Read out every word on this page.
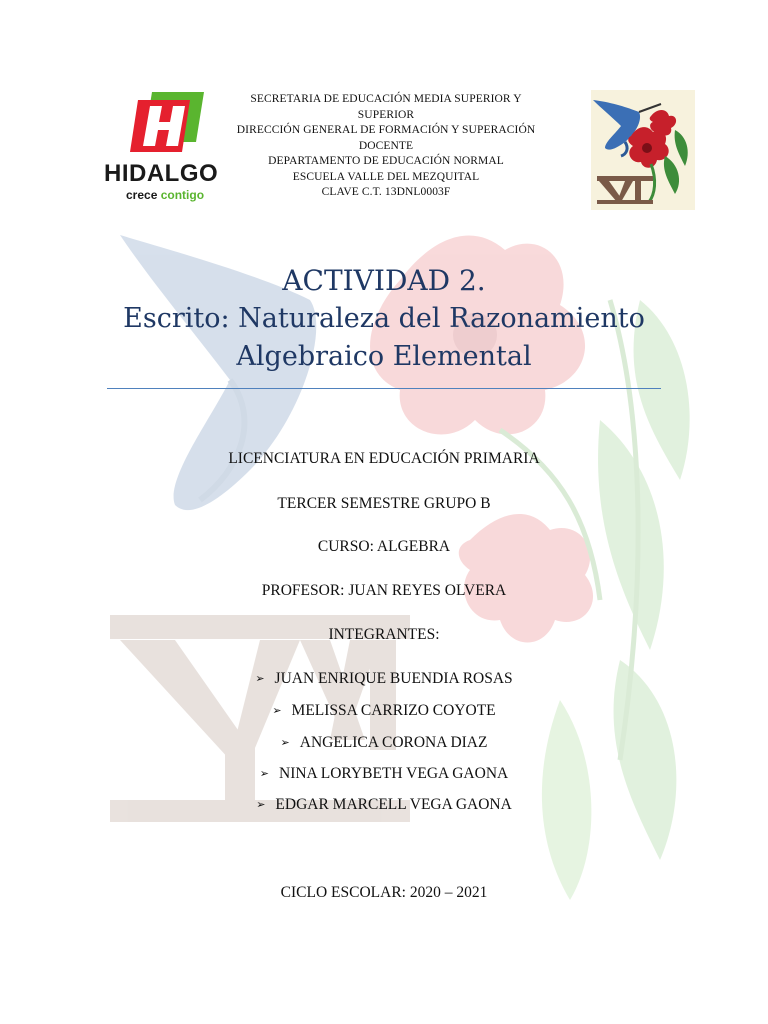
SECRETARIA DE EDUCACIÓN MEDIA SUPERIOR Y SUPERIOR
DIRECCIÓN GENERAL DE FORMACIÓN Y SUPERACIÓN
DOCENTE
DEPARTAMENTO DE EDUCACIÓN NORMAL
ESCUELA VALLE DEL MEZQUITAL
CLAVE C.T. 13DNL0003F
HIDALGO
crece contigo
ACTIVIDAD 2.
Escrito: Naturaleza del Razonamiento
Algebraico Elemental
LICENCIATURA EN EDUCACIÓN PRIMARIA
TERCER SEMESTRE GRUPO B
CURSO: ALGEBRA
PROFESOR: JUAN REYES OLVERA
INTEGRANTES:
➢ JUAN ENRIQUE BUENDIA ROSAS
➢ MELISSA CARRIZO COYOTE
➢ ANGELICA CORONA DIAZ
➢ NINA LORYBETH VEGA GAONA
➢ EDGAR MARCELL VEGA GAONA
CICLO ESCOLAR: 2020 – 2021
